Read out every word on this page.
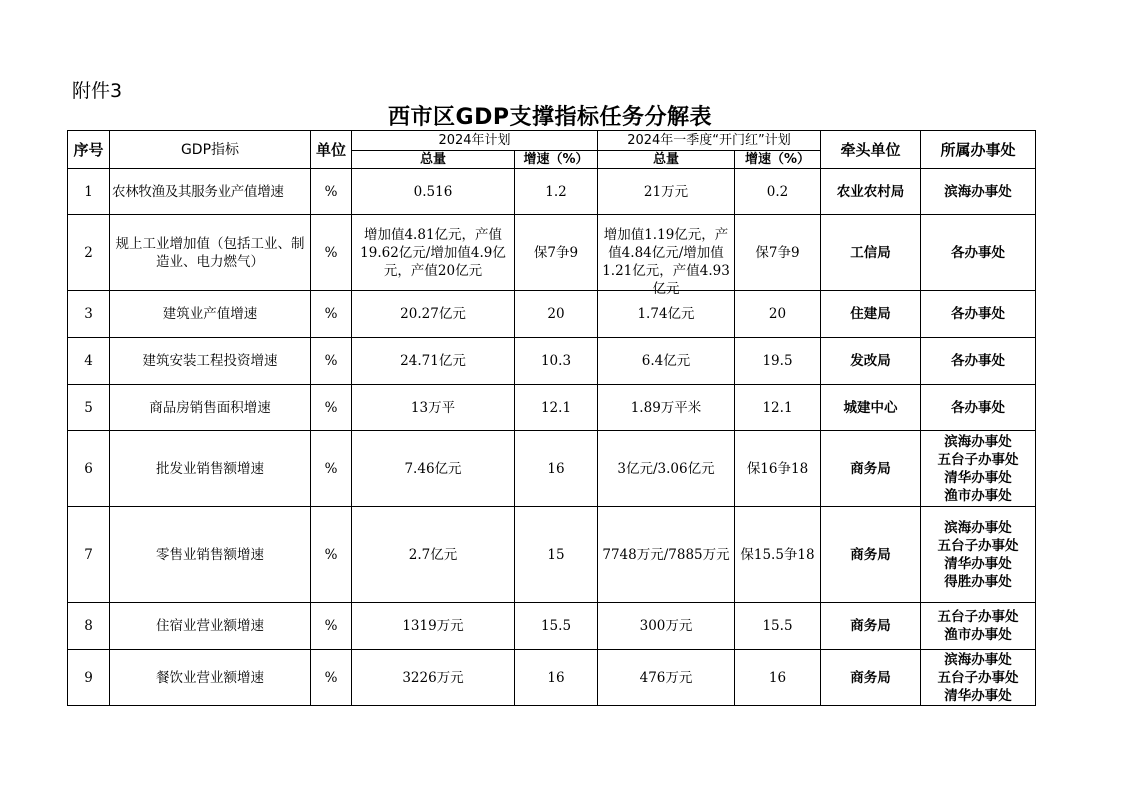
附件3
西市区GDP支撑指标任务分解表
序号	GDP指标	单位	2024年计划		2024年一季度“开门红”计划		牵头单位	所属办事处
			总量	增速（%）	总量	增速（%）		

1	农林牧渔及其服务业产值增速	%	0.516	1.2	21万元	0.2	农业农村局	滨海办事处

2	规上工业增加值（包括工业、制造业、电力燃气）	%	增加值4.81亿元，产值19.62亿元/增加值4.9亿元，产值20亿元	保7争9	增加值1.19亿元，产值4.84亿元/增加值1.21亿元，产值4.93亿元	保7争9	工信局	各办事处

3	建筑业产值增速	%	20.27亿元	20	1.74亿元	20	住建局	各办事处

4	建筑安装工程投资增速	%	24.71亿元	10.3	6.4亿元	19.5	发改局	各办事处

5	商品房销售面积增速	%	13万平	12.1	1.89万平米	12.1	城建中心	各办事处

6	批发业销售额增速	%	7.46亿元	16	3亿元/3.06亿元	保16争18	商务局	滨海办事处
五台子办事处
清华办事处
渔市办事处

7	零售业销售额增速	%	2.7亿元	15	7748万元/7885万元	保15.5争18	商务局	滨海办事处
五台子办事处
清华办事处
得胜办事处

8	住宿业营业额增速	%	1319万元	15.5	300万元	15.5	商务局	五台子办事处
渔市办事处

9	餐饮业营业额增速	%	3226万元	16	476万元	16	商务局	滨海办事处
五台子办事处
清华办事处
